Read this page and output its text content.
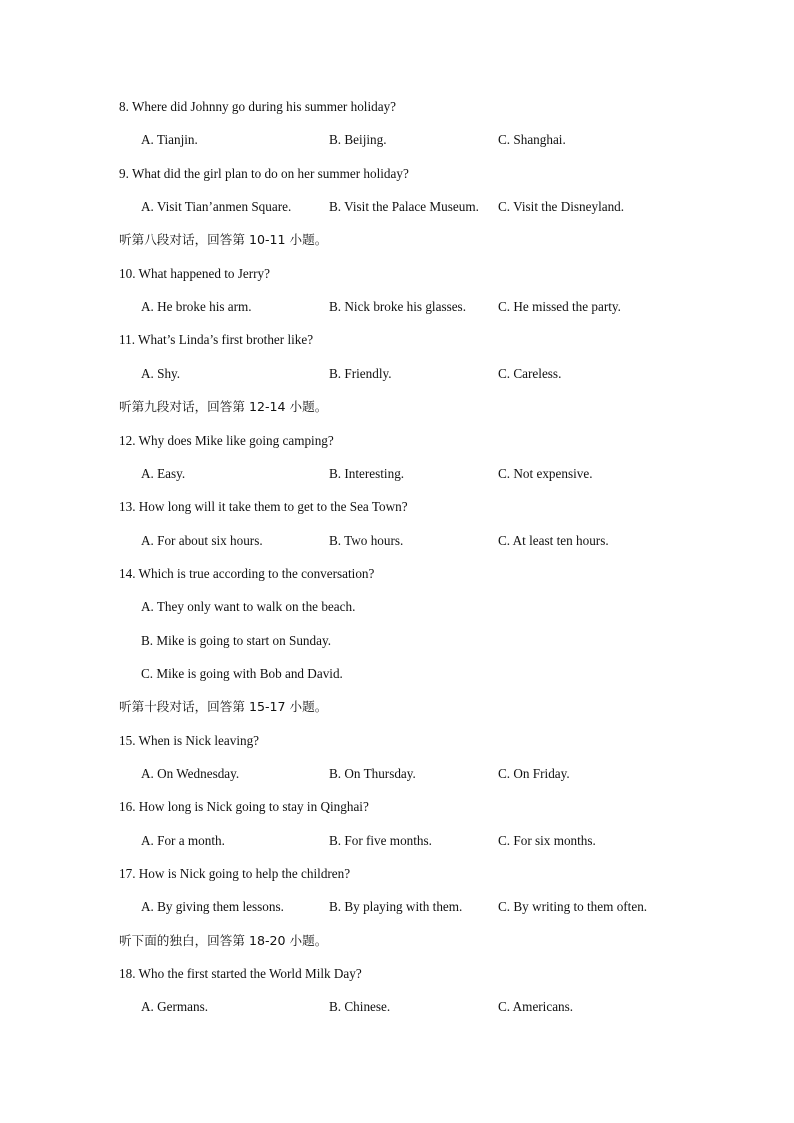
8. Where did Johnny go during his summer holiday?
A. Tianjin.	B. Beijing.	C. Shanghai.
9. What did the girl plan to do on her summer holiday?
A. Visit Tian’anmen Square.	B. Visit the Palace Museum. C. Visit the Disneyland.
听第八段对话，回答第 10-11 小题。
10. What happened to Jerry?
A. He broke his arm.	B. Nick broke his glasses. C. He missed the party.
11. What’s Linda’s first brother like?
A. Shy.	B. Friendly.	C. Careless.
听第九段对话，回答第 12-14 小题。
12. Why does Mike like going camping?
A. Easy.	B. Interesting.	C. Not expensive.
13. How long will it take them to get to the Sea Town?
A. For about six hours.	B. Two hours.	C. At least ten hours.
14. Which is true according to the conversation?
A. They only want to walk on the beach.
B. Mike is going to start on Sunday.
C. Mike is going with Bob and David.
听第十段对话，回答第 15-17 小题。
15. When is Nick leaving?
A. On Wednesday.	B. On Thursday.	C. On Friday.
16. How long is Nick going to stay in Qinghai?
A. For a month.	B. For five months.	C. For six months.
17. How is Nick going to help the children?
A. By giving them lessons.	B. By playing with them.	C. By writing to them often.
听下面的独白，回答第 18-20 小题。
18. Who the first started the World Milk Day?
A. Germans.	B. Chinese.	C. Americans.
